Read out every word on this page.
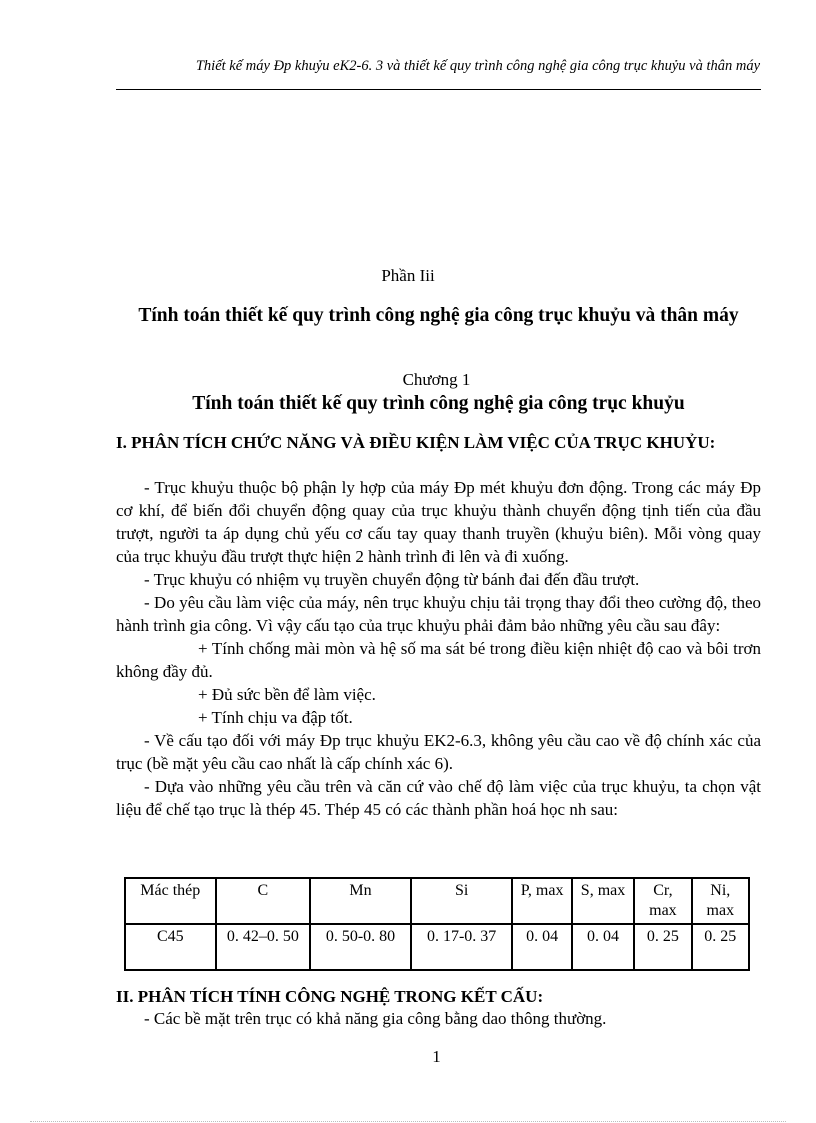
Thiết kế máy Đp khuỷu eK2-6. 3 và thiết kế quy trình công nghệ gia công trục khuỷu và thân máy
Phần Iii
Tính toán thiết kế quy trình công nghệ gia công trục khuỷu và thân máy
Chương 1
Tính toán thiết kế quy trình công nghệ gia công trục khuỷu
I. PHÂN TÍCH CHỨC NĂNG VÀ ĐIỀU KIỆN LÀM VIỆC CỦA TRỤC KHUỶU:

- Trục khuỷu thuộc bộ phận ly hợp của máy Đp mét khuỷu đơn động. Trong các máy Đp cơ khí, để biến đổi chuyển động quay của trục khuỷu thành chuyển động tịnh tiến của đầu trượt, người ta áp dụng chủ yếu cơ cấu tay quay thanh truyền (khuỷu biên). Mỗi vòng quay của trục khuỷu đầu trượt thực hiện 2 hành trình đi lên và đi xuống.

- Trục khuỷu có nhiệm vụ truyền chuyển động từ bánh đai đến đầu trượt.

- Do yêu cầu làm việc của máy, nên trục khuỷu chịu tải trọng thay đổi theo cường độ, theo hành trình gia công. Vì vậy cấu tạo của trục khuỷu phải đảm bảo những yêu cầu sau đây:

+ Tính chống mài mòn và hệ số ma sát bé trong điều kiện nhiệt độ cao và bôi trơn không đầy đủ.

+ Đủ sức bền để làm việc.

+ Tính chịu va đập tốt.

- Về cấu tạo đối với máy Đp trục khuỷu EK2-6.3, không yêu cầu cao về độ chính xác của trục (bề mặt yêu cầu cao nhất là cấp chính xác 6).

- Dựa vào những yêu cầu trên và căn cứ vào chế độ làm việc của trục khuỷu, ta chọn vật liệu để chế tạo trục là thép 45. Thép 45 có các thành phần hoá học nh sau:

Mác thép	C	Mn	Si	P, max	S, max	Cr, max	Ni, max
C45	0. 42–0. 50	0. 50-0. 80	0. 17-0. 37	0. 04	0. 04	0. 25	0. 25
II. PHÂN TÍCH TÍNH CÔNG NGHỆ TRONG KẾT CẤU:

- Các bề mặt trên trục có khả năng gia công bằng dao thông thường.

1
